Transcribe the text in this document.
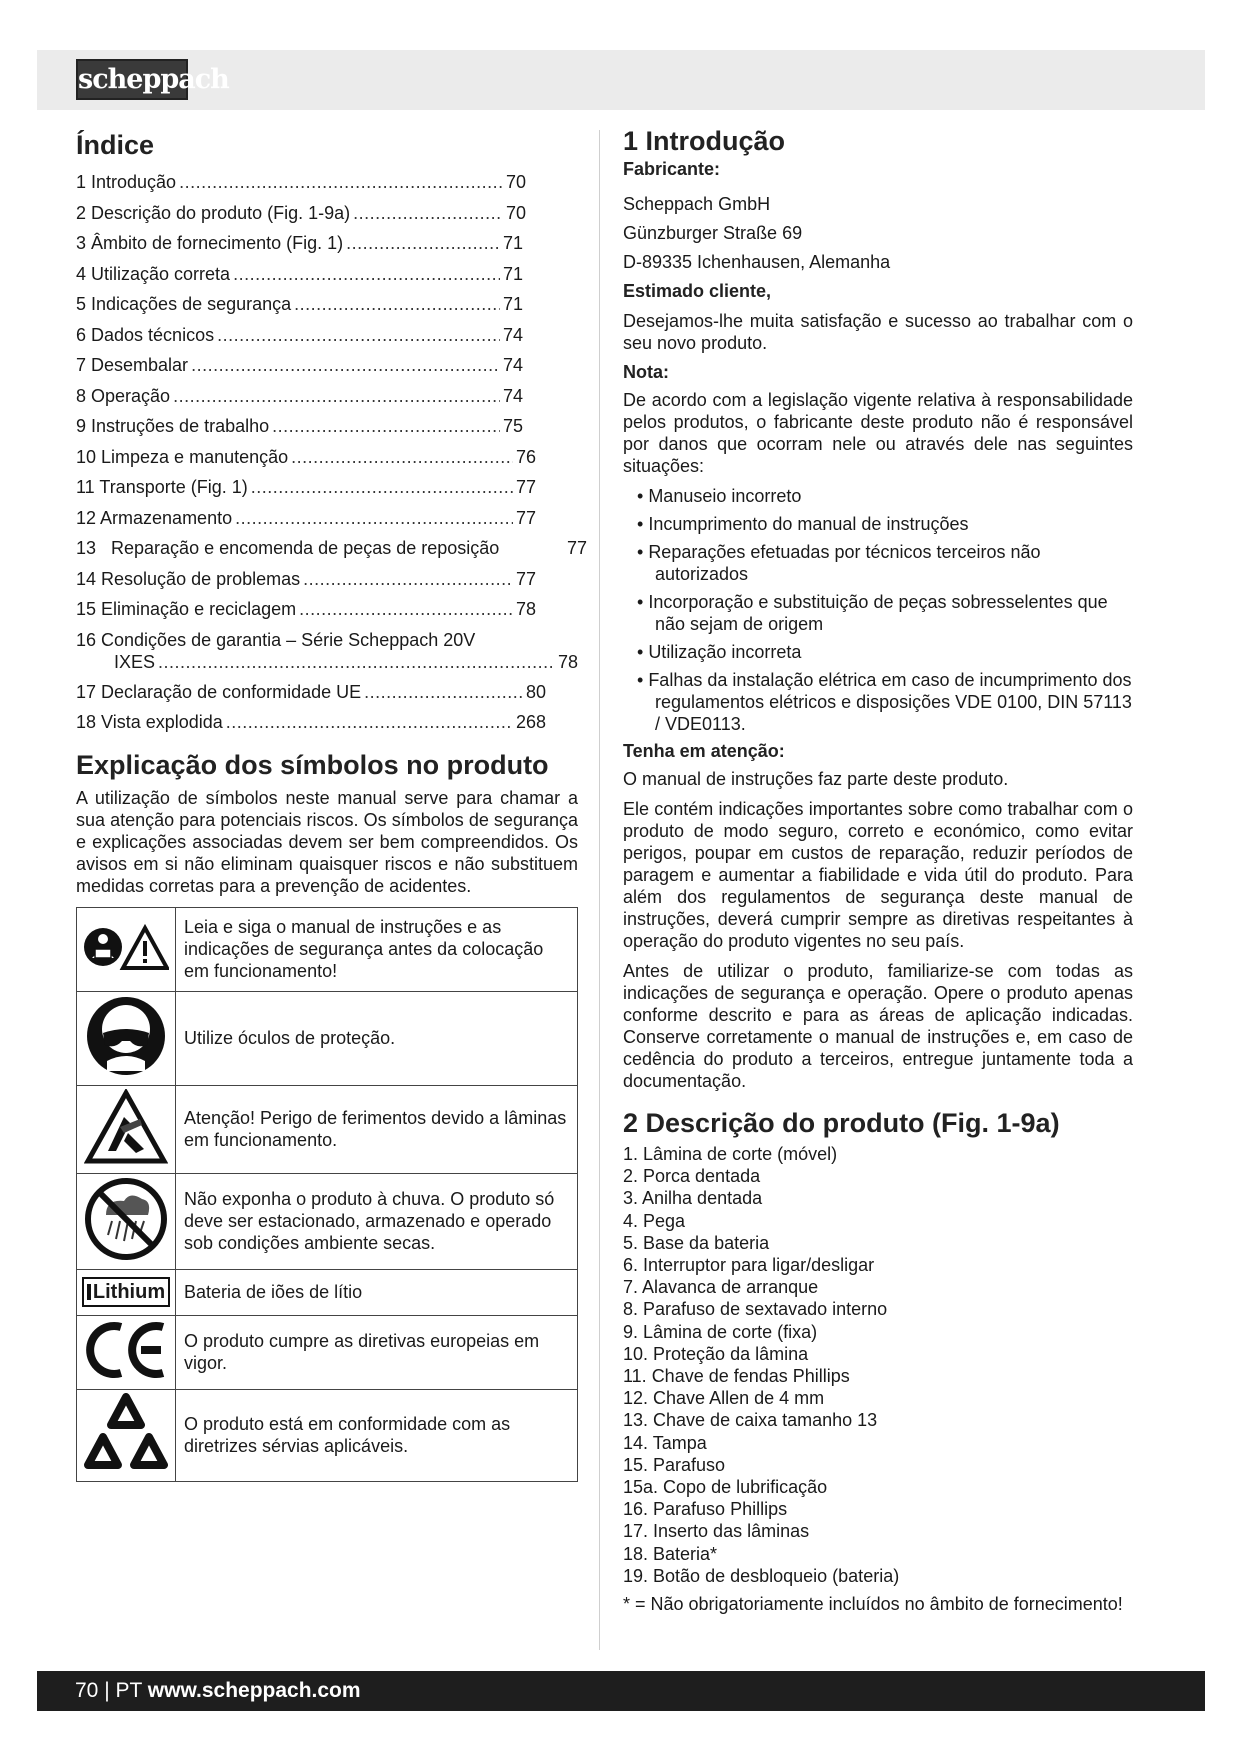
scheppach
Índice
1 Introdução .....	70
2 Descrição do produto (Fig. 1-9a) .....	70
3 Âmbito de fornecimento (Fig. 1) .....	71
4 Utilização correta .....	71
5 Indicações de segurança .....	71
6 Dados técnicos .....	74
7 Desembalar .....	74
8 Operação .....	74
9 Instruções de trabalho .....	75
10 Limpeza e manutenção .....	76
11 Transporte (Fig. 1) .....	77
12 Armazenamento .....	77
13   Reparação e encomenda de peças de reposição	77
14 Resolução de problemas .....	77
15 Eliminação e reciclagem .....	78
16 Condições de garantia – Série Scheppach 20V
IXES .....	78
17 Declaração de conformidade UE .....	80
18 Vista explodida .....	268
Explicação dos símbolos no produto

A utilização de símbolos neste manual serve para chamar a sua atenção para potenciais riscos. Os símbolos de segurança e explicações associadas devem ser bem compreendidos. Os avisos em si não eliminam quaisquer riscos e não substituem medidas corretas para a prevenção de acidentes.

	Leia e siga o manual de instruções e as indicações de segurança antes da colocação em funcionamento!
	Utilize óculos de proteção.
	Atenção! Perigo de ferimentos devido a lâminas em funcionamento.
	Não exponha o produto à chuva. O produto só deve ser estacionado, armazenado e operado sob condições ambiente secas.

Lithium	Bateria de iões de lítio
	O produto cumpre as diretivas europeias em vigor.
	O produto está em conformidade com as diretrizes sérvias aplicáveis.
1 Introdução
Fabricante:
Scheppach GmbH
Günzburger Straße 69
D-89335 Ichenhausen, Alemanha
Estimado cliente,

Desejamos-lhe muita satisfação e sucesso ao trabalhar com o seu novo produto.

Nota:

De acordo com a legislação vigente relativa à responsabilidade pelos produtos, o fabricante deste produto não é responsável por danos que ocorram nele ou através dele nas seguintes situações:

• Manuseio incorreto
• Incumprimento do manual de instruções
• Reparações efetuadas por técnicos terceiros não autorizados
• Incorporação e substituição de peças sobresselentes que não sejam de origem
• Utilização incorreta
• Falhas da instalação elétrica em caso de incumprimento dos regulamentos elétricos e disposições VDE 0100, DIN 57113 / VDE0113.
Tenha em atenção:

O manual de instruções faz parte deste produto.

Ele contém indicações importantes sobre como trabalhar com o produto de modo seguro, correto e económico, como evitar perigos, poupar em custos de reparação, reduzir períodos de paragem e aumentar a fiabilidade e vida útil do produto. Para além dos regulamentos de segurança deste manual de instruções, deverá cumprir sempre as diretivas respeitantes à operação do produto vigentes no seu país.

Antes de utilizar o produto, familiarize-se com todas as indicações de segurança e operação. Opere o produto apenas conforme descrito e para as áreas de aplicação indicadas. Conserve corretamente o manual de instruções e, em caso de cedência do produto a terceiros, entregue juntamente toda a documentação.

2 Descrição do produto (Fig. 1-9a)
1. Lâmina de corte (móvel)
2. Porca dentada
3. Anilha dentada
4. Pega
5. Base da bateria
6. Interruptor para ligar/desligar
7. Alavanca de arranque
8. Parafuso de sextavado interno
9. Lâmina de corte (fixa)
10. Proteção da lâmina
11. Chave de fendas Phillips
12. Chave Allen de 4 mm
13. Chave de caixa tamanho 13
14. Tampa
15. Parafuso
15a. Copo de lubrificação
16. Parafuso Phillips
17. Inserto das lâminas
18. Bateria*
19. Botão de desbloqueio (bateria)

* = Não obrigatoriamente incluídos no âmbito de fornecimento!

70 | PT www.scheppach.com
